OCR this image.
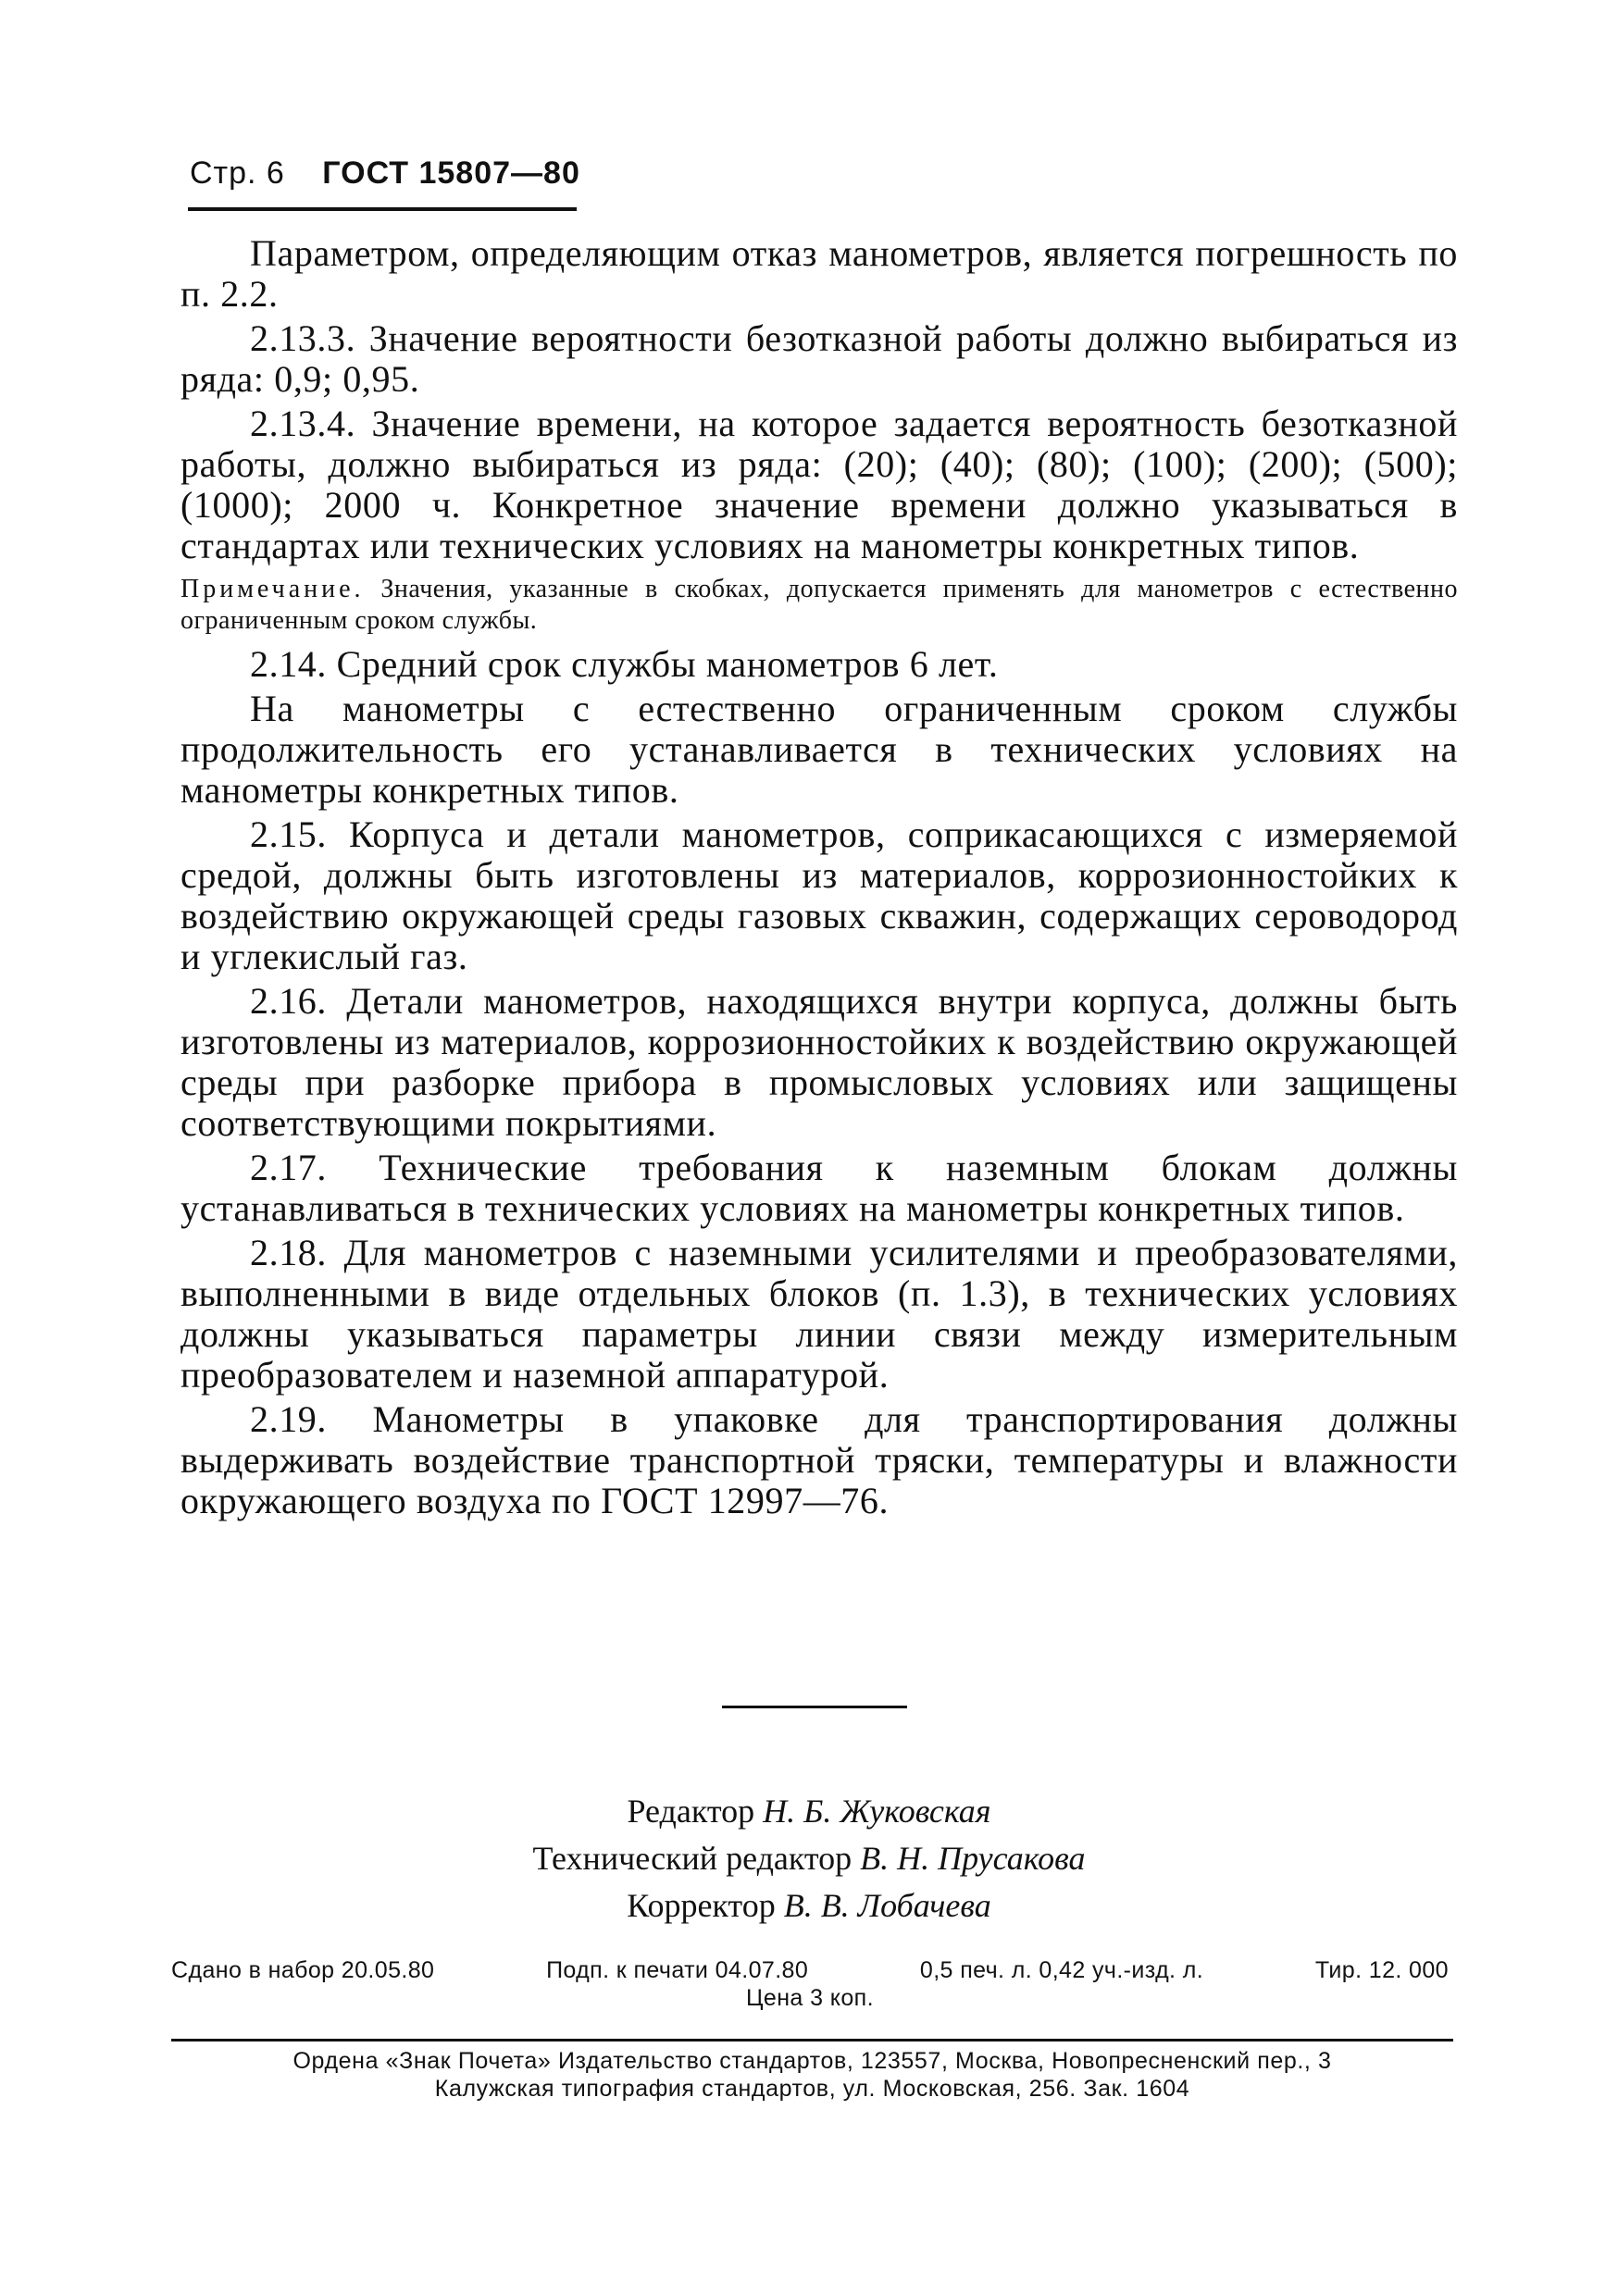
Стр. 6 ГОСТ 15807—80

Параметром, определяющим отказ манометров, является погрешность по п. 2.2.

2.13.3. Значение вероятности безотказной работы должно выбираться из ряда: 0,9; 0,95.

2.13.4. Значение времени, на которое задается вероятность безотказной работы, должно выбираться из ряда: (20); (40); (80); (100); (200); (500); (1000); 2000 ч. Конкретное значение времени должно указываться в стандартах или технических условиях на манометры конкретных типов.

Примечание. Значения, указанные в скобках, допускается применять для манометров с естественно ограниченным сроком службы.

2.14. Средний срок службы манометров 6 лет.

На манометры с естественно ограниченным сроком службы продолжительность его устанавливается в технических условиях на манометры конкретных типов.

2.15. Корпуса и детали манометров, соприкасающихся с измеряемой средой, должны быть изготовлены из материалов, коррозионностойких к воздействию окружающей среды газовых скважин, содержащих сероводород и углекислый газ.

2.16. Детали манометров, находящихся внутри корпуса, должны быть изготовлены из материалов, коррозионностойких к воздействию окружающей среды при разборке прибора в промысловых условиях или защищены соответствующими покрытиями.

2.17. Технические требования к наземным блокам должны устанавливаться в технических условиях на манометры конкретных типов.

2.18. Для манометров с наземными усилителями и преобразователями, выполненными в виде отдельных блоков (п. 1.3), в технических условиях должны указываться параметры линии связи между измерительным преобразователем и наземной аппаратурой.

2.19. Манометры в упаковке для транспортирования должны выдерживать воздействие транспортной тряски, температуры и влажности окружающего воздуха по ГОСТ 12997—76.

Редактор Н. Б. Жуковская
Технический редактор В. Н. Прусакова
Корректор В. В. Лобачева
Сдано в набор 20.05.80	Подп. к печати 04.07.80	0,5 печ. л. 0,42 уч.-изд. л.	Тир. 12. 000
Цена 3 коп.
Ордена «Знак Почета» Издательство стандартов, 123557, Москва, Новопресненский пер., 3
Калужская типография стандартов, ул. Московская, 256. Зак. 1604
